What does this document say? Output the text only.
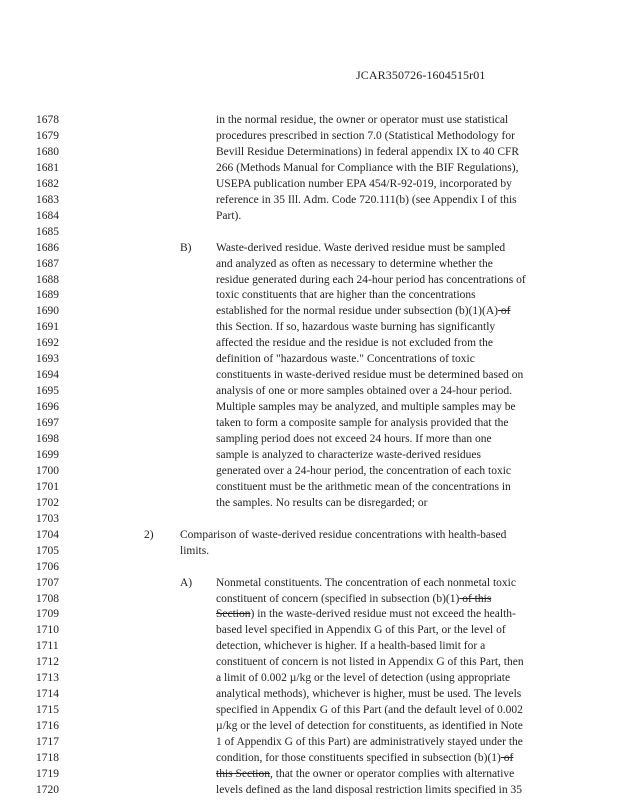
JCAR350726-1604515r01
1678	in the normal residue, the owner or operator must use statistical
1679	procedures prescribed in section 7.0 (Statistical Methodology for
1680	Bevill Residue Determinations) in federal appendix IX to 40 CFR
1681	266 (Methods Manual for Compliance with the BIF Regulations),
1682	USEPA publication number EPA 454/R-92-019, incorporated by
1683	reference in 35 Ill. Adm. Code 720.111(b) (see Appendix I of this
1684	Part).
1685
1686	B) Waste-derived residue. Waste derived residue must be sampled
1687	and analyzed as often as necessary to determine whether the
1688	residue generated during each 24-hour period has concentrations of
1689	toxic constituents that are higher than the concentrations
1690	established for the normal residue under subsection (b)(1)(A) of
1691	this Section. If so, hazardous waste burning has significantly
1692	affected the residue and the residue is not excluded from the
1693	definition of "hazardous waste." Concentrations of toxic
1694	constituents in waste-derived residue must be determined based on
1695	analysis of one or more samples obtained over a 24-hour period.
1696	Multiple samples may be analyzed, and multiple samples may be
1697	taken to form a composite sample for analysis provided that the
1698	sampling period does not exceed 24 hours. If more than one
1699	sample is analyzed to characterize waste-derived residues
1700	generated over a 24-hour period, the concentration of each toxic
1701	constituent must be the arithmetic mean of the concentrations in
1702	the samples. No results can be disregarded; or
1703
1704	2) Comparison of waste-derived residue concentrations with health-based
1705	limits.
1706
1707	A) Nonmetal constituents. The concentration of each nonmetal toxic
1708	constituent of concern (specified in subsection (b)(1) of this
1709	Section) in the waste-derived residue must not exceed the health-
1710	based level specified in Appendix G of this Part, or the level of
1711	detection, whichever is higher. If a health-based limit for a
1712	constituent of concern is not listed in Appendix G of this Part, then
1713	a limit of 0.002 µ/kg or the level of detection (using appropriate
1714	analytical methods), whichever is higher, must be used. The levels
1715	specified in Appendix G of this Part (and the default level of 0.002
1716	µ/kg or the level of detection for constituents, as identified in Note
1717	1 of Appendix G of this Part) are administratively stayed under the
1718	condition, for those constituents specified in subsection (b)(1) of
1719	this Section, that the owner or operator complies with alternative
1720	levels defined as the land disposal restriction limits specified in 35
